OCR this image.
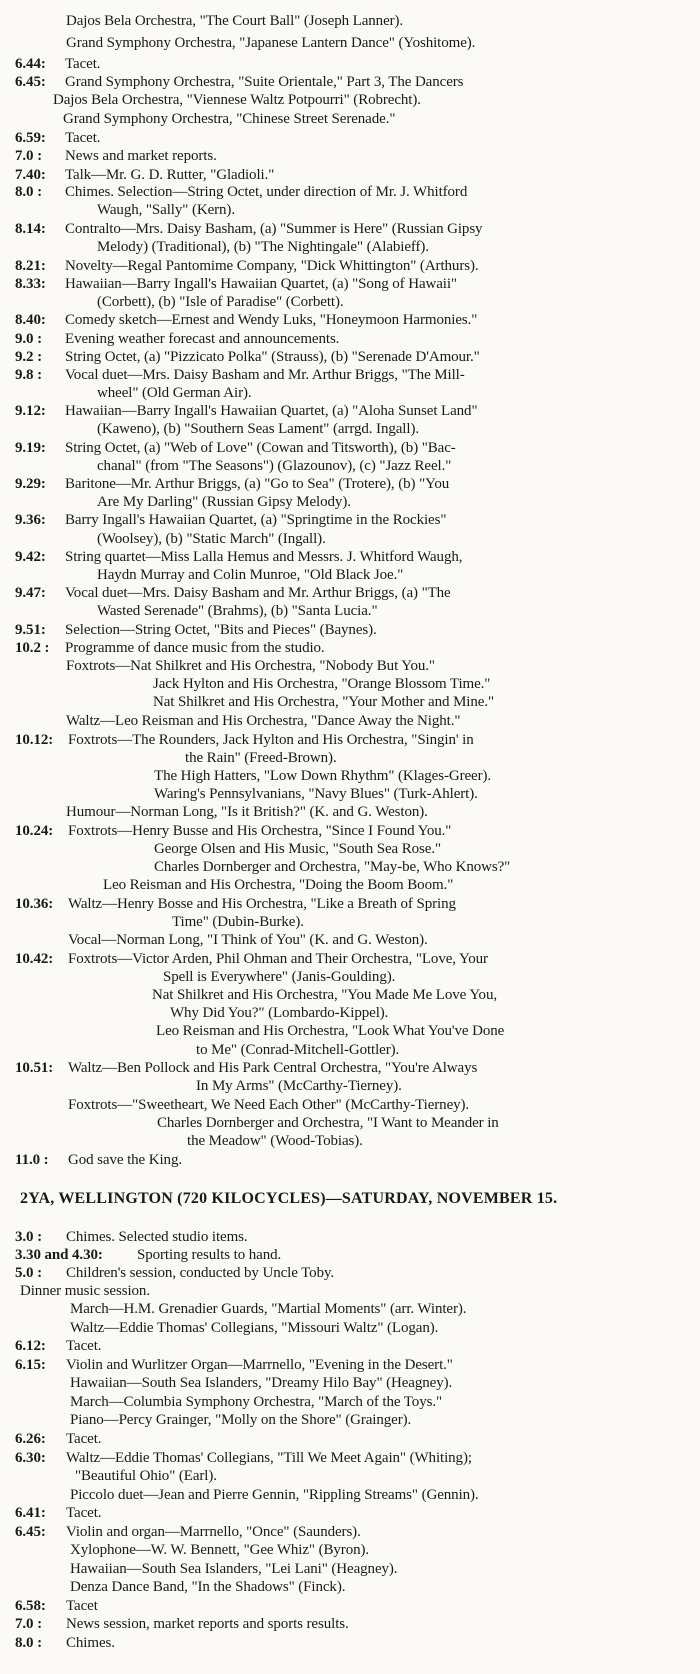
Dajos Bela Orchestra, "The Court Ball" (Joseph Lanner).
Grand Symphony Orchestra, "Japanese Lantern Dance" (Yoshitome).
6.44: Tacet.
6.45: Grand Symphony Orchestra, "Suite Orientale," Part 3, The Dancers
Dajos Bela Orchestra, "Viennese Waltz Potpourri" (Robrecht).
Grand Symphony Orchestra, "Chinese Street Serenade."
6.59: Tacet.
7.0 : News and market reports.
7.40: Talk—Mr. G. D. Rutter, "Gladioli."
8.0 : Chimes. Selection—String Octet, under direction of Mr. J. Whitford
Waugh, "Sally" (Kern).
8.14: Contralto—Mrs. Daisy Basham, (a) "Summer is Here" (Russian Gipsy
Melody) (Traditional), (b) "The Nightingale" (Alabieff).
8.21: Novelty—Regal Pantomime Company, "Dick Whittington" (Arthurs).
8.33: Hawaiian—Barry Ingall's Hawaiian Quartet, (a) "Song of Hawaii"
(Corbett), (b) "Isle of Paradise" (Corbett).
8.40: Comedy sketch—Ernest and Wendy Luks, "Honeymoon Harmonies."
9.0 : Evening weather forecast and announcements.
9.2 : String Octet, (a) "Pizzicato Polka" (Strauss), (b) "Serenade D'Amour."
9.8 : Vocal duet—Mrs. Daisy Basham and Mr. Arthur Briggs, "The Mill-
wheel" (Old German Air).
9.12: Hawaiian—Barry Ingall's Hawaiian Quartet, (a) "Aloha Sunset Land"
(Kaweno), (b) "Southern Seas Lament" (arrgd. Ingall).
9.19: String Octet, (a) "Web of Love" (Cowan and Titsworth), (b) "Bac-
chanal" (from "The Seasons") (Glazounov), (c) "Jazz Reel."
9.29: Baritone—Mr. Arthur Briggs, (a) "Go to Sea" (Trotere), (b) "You
Are My Darling" (Russian Gipsy Melody).
9.36: Barry Ingall's Hawaiian Quartet, (a) "Springtime in the Rockies"
(Woolsey), (b) "Static March" (Ingall).
9.42: String quartet—Miss Lalla Hemus and Messrs. J. Whitford Waugh,
Haydn Murray and Colin Munroe, "Old Black Joe."
9.47: Vocal duet—Mrs. Daisy Basham and Mr. Arthur Briggs, (a) "The
Wasted Serenade" (Brahms), (b) "Santa Lucia."
9.51: Selection—String Octet, "Bits and Pieces" (Baynes).
10.2 : Programme of dance music from the studio.
Foxtrots—Nat Shilkret and His Orchestra, "Nobody But You."
Jack Hylton and His Orchestra, "Orange Blossom Time."
Nat Shilkret and His Orchestra, "Your Mother and Mine."
Waltz—Leo Reisman and His Orchestra, "Dance Away the Night."
10.12: Foxtrots—The Rounders, Jack Hylton and His Orchestra, "Singin' in
the Rain" (Freed-Brown).
The High Hatters, "Low Down Rhythm" (Klages-Greer).
Waring's Pennsylvanians, "Navy Blues" (Turk-Ahlert).
Humour—Norman Long, "Is it British?" (K. and G. Weston).
10.24: Foxtrots—Henry Busse and His Orchestra, "Since I Found You."
George Olsen and His Music, "South Sea Rose."
Charles Dornberger and Orchestra, "May-be, Who Knows?"
Leo Reisman and His Orchestra, "Doing the Boom Boom."
10.36: Waltz—Henry Bosse and His Orchestra, "Like a Breath of Spring
Time" (Dubin-Burke).
Vocal—Norman Long, "I Think of You" (K. and G. Weston).
10.42: Foxtrots—Victor Arden, Phil Ohman and Their Orchestra, "Love, Your
Spell is Everywhere" (Janis-Goulding).
Nat Shilkret and His Orchestra, "You Made Me Love You,
Why Did You?" (Lombardo-Kippel).
Leo Reisman and His Orchestra, "Look What You've Done
to Me" (Conrad-Mitchell-Gottler).
10.51: Waltz—Ben Pollock and His Park Central Orchestra, "You're Always
In My Arms" (McCarthy-Tierney).
Foxtrots—"Sweetheart, We Need Each Other" (McCarthy-Tierney).
Charles Dornberger and Orchestra, "I Want to Meander in
the Meadow" (Wood-Tobias).
11.0 : God save the King.
2YA, WELLINGTON (720 KILOCYCLES)—SATURDAY, NOVEMBER 15.
3.0 : Chimes. Selected studio items.
3.30 and 4.30: Sporting results to hand.
5.0 : Children's session, conducted by Uncle Toby.
Dinner music session.
March—H.M. Grenadier Guards, "Martial Moments" (arr. Winter).
Waltz—Eddie Thomas' Collegians, "Missouri Waltz" (Logan).
6.12: Tacet.
6.15: Violin and Wurlitzer Organ—Marrnello, "Evening in the Desert."
Hawaiian—South Sea Islanders, "Dreamy Hilo Bay" (Heagney).
March—Columbia Symphony Orchestra, "March of the Toys."
Piano—Percy Grainger, "Molly on the Shore" (Grainger).
6.26: Tacet.
6.30: Waltz—Eddie Thomas' Collegians, "Till We Meet Again" (Whiting);
"Beautiful Ohio" (Earl).
Piccolo duet—Jean and Pierre Gennin, "Rippling Streams" (Gennin).
6.41: Tacet.
6.45: Violin and organ—Marrnello, "Once" (Saunders).
Xylophone—W. W. Bennett, "Gee Whiz" (Byron).
Hawaiian—South Sea Islanders, "Lei Lani" (Heagney).
Denza Dance Band, "In the Shadows" (Finck).
6.58: Tacet
7.0 : News session, market reports and sports results.
8.0 : Chimes.
